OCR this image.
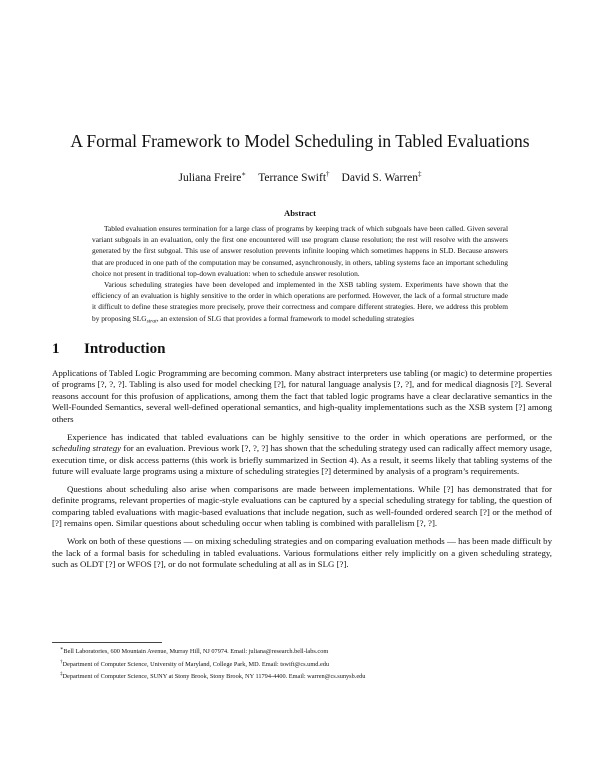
A Formal Framework to Model Scheduling in Tabled Evaluations
Juliana Freire∗ Terrance Swift† David S. Warren‡
Abstract

Tabled evaluation ensures termination for a large class of programs by keeping track of which subgoals have been called. Given several variant subgoals in an evaluation, only the first one encountered will use program clause resolution; the rest will resolve with the answers generated by the first subgoal. This use of answer resolution prevents infinite looping which sometimes happens in SLD. Because answers that are produced in one path of the computation may be consumed, asynchronously, in others, tabling systems face an important scheduling choice not present in traditional top-down evaluation: when to schedule answer resolution.

Various scheduling strategies have been developed and implemented in the XSB tabling system. Experiments have shown that the efficiency of an evaluation is highly sensitive to the order in which operations are performed. However, the lack of a formal structure made it difficult to define these strategies more precisely, prove their correctness and compare different strategies. Here, we address this problem by proposing $SLG_{strat}$, an extension of SLG that provides a formal framework to model scheduling strategies

1 Introduction

Applications of Tabled Logic Programming are becoming common. Many abstract interpreters use tabling (or magic) to determine properties of programs [?, ?, ?]. Tabling is also used for model checking [?], for natural language analysis [?, ?], and for medical diagnosis [?]. Several reasons account for this profusion of applications, among them the fact that tabled logic programs have a clear declarative semantics in the Well-Founded Semantics, several well-defined operational semantics, and high-quality implementations such as the XSB system [?] among others

Experience has indicated that tabled evaluations can be highly sensitive to the order in which operations are performed, or the scheduling strategy for an evaluation. Previous work [?, ?, ?] has shown that the scheduling strategy used can radically affect memory usage, execution time, or disk access patterns (this work is briefly summarized in Section 4). As a result, it seems likely that tabling systems of the future will evaluate large programs using a mixture of scheduling strategies [?] determined by analysis of a program’s requirements.

Questions about scheduling also arise when comparisons are made between implementations. While [?] has demonstrated that for definite programs, relevant properties of magic-style evaluations can be captured by a special scheduling strategy for tabling, the question of comparing tabled evaluations with magic-based evaluations that include negation, such as well-founded ordered search [?] or the method of [?] remains open. Similar questions about scheduling occur when tabling is combined with parallelism [?, ?].

Work on both of these questions — on mixing scheduling strategies and on comparing evaluation methods — has been made difficult by the lack of a formal basis for scheduling in tabled evaluations. Various formulations either rely implicitly on a given scheduling strategy, such as OLDT [?] or WFOS [?], or do not formulate scheduling at all as in SLG [?].

∗Bell Laboratories, 600 Mountain Avenue, Murray Hill, NJ 07974. Email: juliana@research.bell-labs.com
†Department of Computer Science, University of Maryland, College Park, MD. Email: tswift@cs.umd.edu
‡Department of Computer Science, SUNY at Stony Brook, Stony Brook, NY 11794-4400. Email: warren@cs.sunysb.edu
